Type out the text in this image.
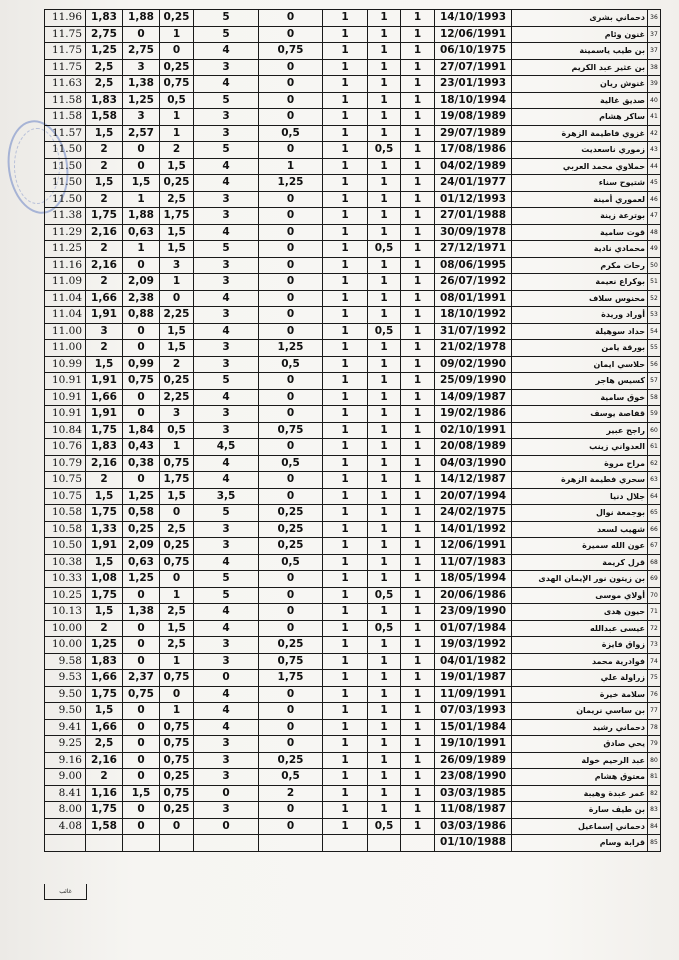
11.96	1,83	1,88	0,25	5	0	1	1	1	14/10/1993	دحماني بشرى	36
11.75	2,75	0	1	5	0	1	1	1	12/06/1991	غنون وئام	37
11.75	1,25	2,75	0	4	0,75	1	1	1	06/10/1975	بن طيب ياسمينة	37
11.75	2,5	3	0,25	3	0	1	1	1	27/07/1991	بن عثير عبد الكريم	38
11.63	2,5	1,38	0,75	4	0	1	1	1	23/01/1993	غنوش ريان	39
11.58	1,83	1,25	0,5	5	0	1	1	1	18/10/1994	صديق غالية	40
11.58	1,58	3	1	3	0	1	1	1	19/08/1989	ساكر هشام	41
11.57	1,5	2,57	1	3	0,5	1	1	1	29/07/1989	غزوي فاطيمة الزهرة	42
11.50	2	0	2	5	0	1	0,5	1	17/08/1986	زموري ناسعديت	43
11.50	2	0	1,5	4	1	1	1	1	04/02/1989	حملاوي محمد العربي	44
11.50	1,5	1,5	0,25	4	1,25	1	1	1	24/01/1977	شتيوح سناء	45
11.50	2	1	2,5	3	0	1	1	1	01/12/1993	لعموري أمينة	46
11.38	1,75	1,88	1,75	3	0	1	1	1	27/01/1988	بوترعة زينة	47
11.29	2,16	0,63	1,5	4	0	1	1	1	30/09/1978	قوت سامية	48
11.25	2	1	1,5	5	0	1	0,5	1	27/12/1971	محمادي نادية	49
11.16	2,16	0	3	3	0	1	1	1	08/06/1995	رحات مكرم	50
11.09	2	2,09	1	3	0	1	1	1	26/07/1992	بوكراع نعيمة	51
11.04	1,66	2,38	0	4	0	1	1	1	08/01/1991	محنوس سلاف	52
11.04	1,91	0,88	2,25	3	0	1	1	1	18/10/1992	أوراد وريدة	53
11.00	3	0	1,5	4	0	1	0,5	1	31/07/1992	حداد سوهيلة	54
11.00	2	0	1,5	3	1,25	1	1	1	21/02/1978	بورقة يامن	55
10.99	1,5	0,99	2	3	0,5	1	1	1	09/02/1990	حلاسي ايمان	56
10.91	1,91	0,75	0,25	5	0	1	1	1	25/09/1990	كسيس هاجر	57
10.91	1,66	0	2,25	4	0	1	1	1	14/09/1987	خوق سامية	58
10.91	1,91	0	3	3	0	1	1	1	19/02/1986	قفاصة يوسف	59
10.84	1,75	1,84	0,5	3	0,75	1	1	1	02/10/1991	راجح عبير	60
10.76	1,83	0,43	1	4,5	0	1	1	1	20/08/1989	العدواني زينب	61
10.79	2,16	0,38	0,75	4	0,5	1	1	1	04/03/1990	مراح مروة	62
10.75	2	0	1,75	4	0	1	1	1	14/12/1987	سحري فطيمة الزهرة	63
10.75	1,5	1,25	1,5	3,5	0	1	1	1	20/07/1994	جلال دنيا	64
10.58	1,75	0,58	0	5	0,25	1	1	1	24/02/1975	بوجمعة نوال	65
10.58	1,33	0,25	2,5	3	0,25	1	1	1	14/01/1992	شهيب لسعد	66
10.50	1,91	2,09	0,25	3	0,25	1	1	1	12/06/1991	عون الله سميرة	67
10.38	1,5	0,63	0,75	4	0,5	1	1	1	11/07/1983	قرل كريمة	68
10.33	1,08	1,25	0	5	0	1	1	1	18/05/1994	بن زيتون نور الإيمان الهدى	69
10.25	1,75	0	1	5	0	1	0,5	1	20/06/1986	أولاي موسى	70
10.13	1,5	1,38	2,5	4	0	1	1	1	23/09/1990	حيون هدى	71
10.00	2	0	1,5	4	0	1	0,5	1	01/07/1984	عيسى عبدالله	72
10.00	1,25	0	2,5	3	0,25	1	1	1	19/03/1992	زواق فايزة	73
9.58	1,83	0	1	3	0,75	1	1	1	04/01/1982	فوادرية محمد	74
9.53	1,66	2,37	0,75	0	1,75	1	1	1	19/01/1987	زراولة علي	75
9.50	1,75	0,75	0	4	0	1	1	1	11/09/1991	سلامة خيرة	76
9.50	1,5	0	1	4	0	1	1	1	07/03/1993	بن ساسي نريمان	77
9.41	1,66	0	0,75	4	0	1	1	1	15/01/1984	دحماني رشيد	78
9.25	2,5	0	0,75	3	0	1	1	1	19/10/1991	يحي صادق	79
9.16	2,16	0	0,75	3	0,25	1	1	1	26/09/1989	عبد الرحيم خولة	80
9.00	2	0	0,25	3	0,5	1	1	1	23/08/1990	معتوق هشام	81
8.41	1,16	1,5	0,75	0	2	1	1	1	03/03/1985	عمر عبدة وهيبة	82
8.00	1,75	0	0,25	3	0	1	1	1	11/08/1987	بن طيف سارة	83
4.08	1,58	0	0	0	0	1	0,5	1	03/03/1986	دحماني إسماعيل	84
									01/10/1988	قرابة وسام	85
غائب
